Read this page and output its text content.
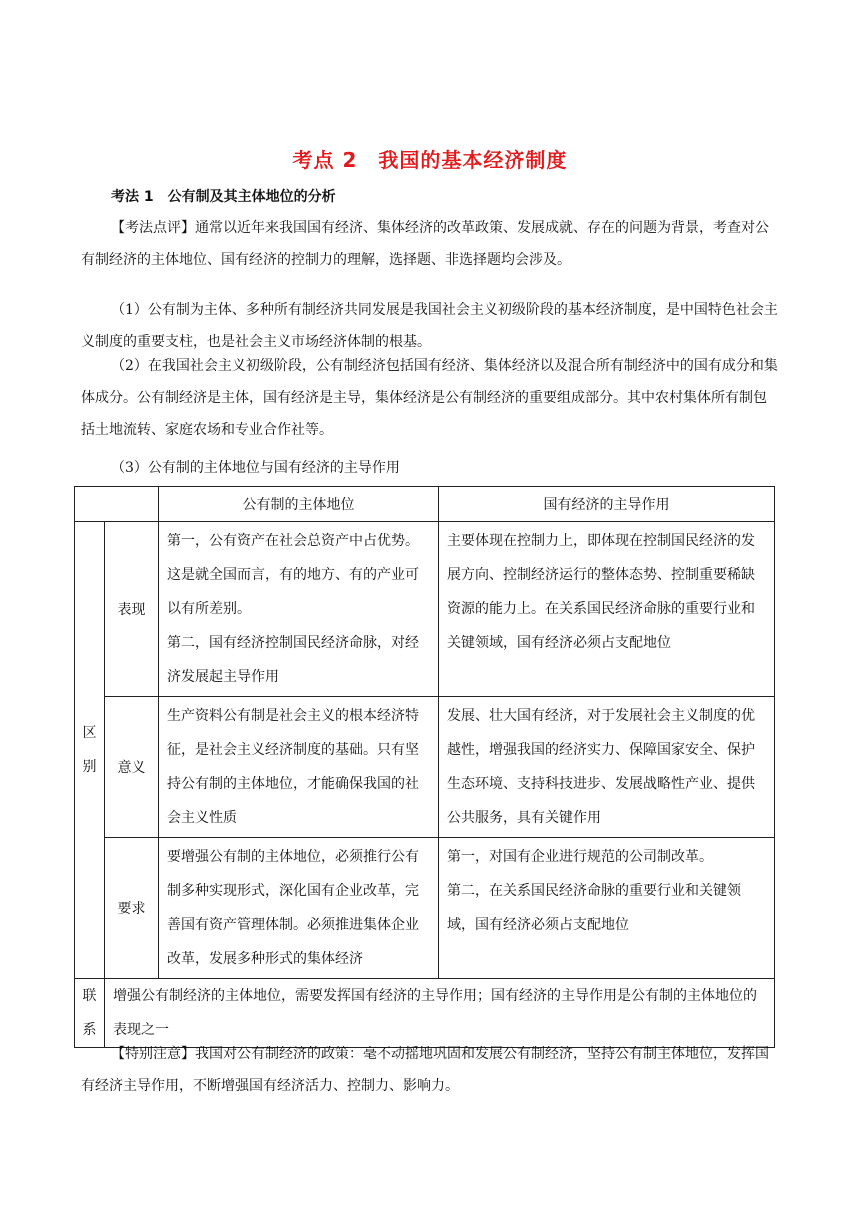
考点 2　我国的基本经济制度
考法 1　公有制及其主体地位的分析
【考法点评】通常以近年来我国国有经济、集体经济的改革政策、发展成就、存在的问题为背景，考查对公有制经济的主体地位、国有经济的控制力的理解，选择题、非选择题均会涉及。
（1）公有制为主体、多种所有制经济共同发展是我国社会主义初级阶段的基本经济制度，是中国特色社会主义制度的重要支柱，也是社会主义市场经济体制的根基。
（2）在我国社会主义初级阶段，公有制经济包括国有经济、集体经济以及混合所有制经济中的国有成分和集体成分。公有制经济是主体，国有经济是主导，集体经济是公有制经济的重要组成部分。其中农村集体所有制包括土地流转、家庭农场和专业合作社等。
（3）公有制的主体地位与国有经济的主导作用
		公有制的主体地位	国有经济的主导作用
区
别	表现	第一，公有资产在社会总资产中占优势。这是就全国而言，有的地方、有的产业可以有所差别。
第二，国有经济控制国民经济命脉，对经济发展起主导作用	主要体现在控制力上，即体现在控制国民经济的发展方向、控制经济运行的整体态势、控制重要稀缺资源的能力上。在关系国民经济命脉的重要行业和关键领域，国有经济必须占支配地位
	意义	生产资料公有制是社会主义的根本经济特征，是社会主义经济制度的基础。只有坚持公有制的主体地位，才能确保我国的社会主义性质	发展、壮大国有经济，对于发展社会主义制度的优越性，增强我国的经济实力、保障国家安全、保护生态环境、支持科技进步、发展战略性产业、提供公共服务，具有关键作用
	要求	要增强公有制的主体地位，必须推行公有制多种实现形式，深化国有企业改革，完善国有资产管理体制。必须推进集体企业改革，发展多种形式的集体经济	第一，对国有企业进行规范的公司制改革。
第二，在关系国民经济命脉的重要行业和关键领域，国有经济必须占支配地位
联
系	增强公有制经济的主体地位，需要发挥国有经济的主导作用；国有经济的主导作用是公有制的主体地位的表现之一		
【特别注意】我国对公有制经济的政策：毫不动摇地巩固和发展公有制经济，坚持公有制主体地位，发挥国有经济主导作用，不断增强国有经济活力、控制力、影响力。
